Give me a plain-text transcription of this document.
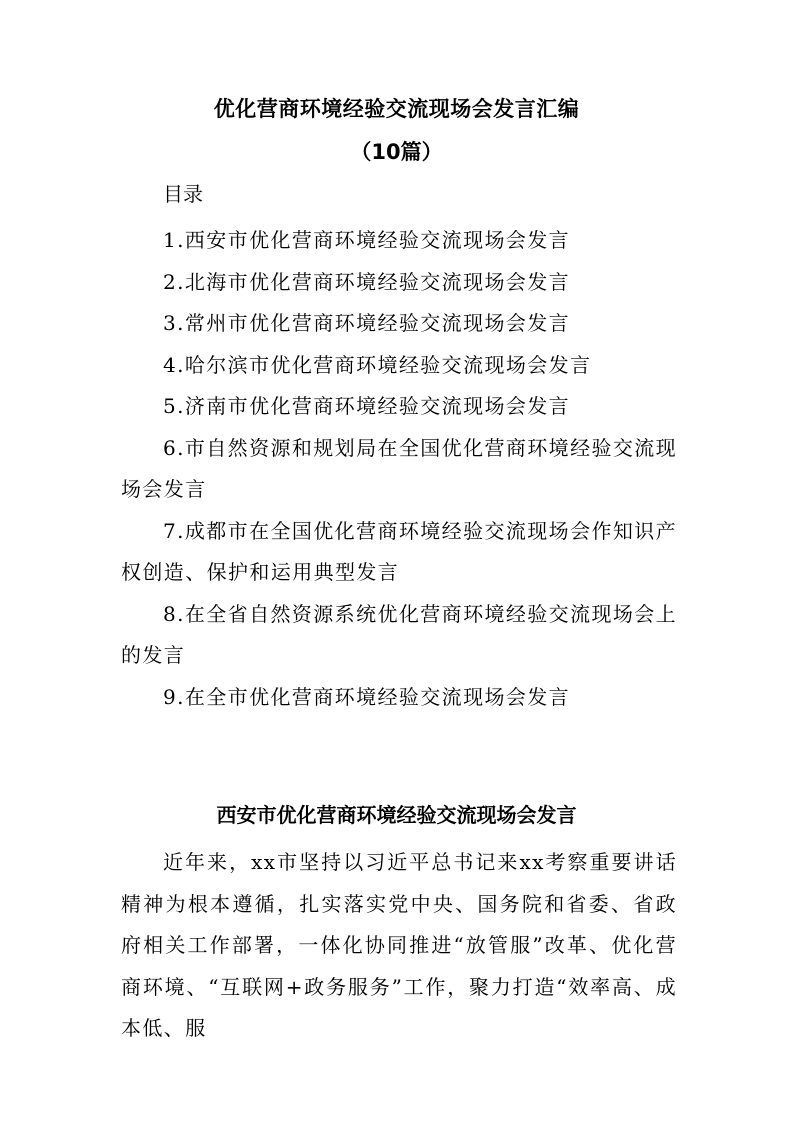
优化营商环境经验交流现场会发言汇编
（10篇）
目录
1.西安市优化营商环境经验交流现场会发言
2.北海市优化营商环境经验交流现场会发言
3.常州市优化营商环境经验交流现场会发言
4.哈尔滨市优化营商环境经验交流现场会发言
5.济南市优化营商环境经验交流现场会发言
6.市自然资源和规划局在全国优化营商环境经验交流现场会发言
7.成都市在全国优化营商环境经验交流现场会作知识产权创造、保护和运用典型发言
8.在全省自然资源系统优化营商环境经验交流现场会上的发言
9.在全市优化营商环境经验交流现场会发言
西安市优化营商环境经验交流现场会发言

近年来，xx市坚持以习近平总书记来xx考察重要讲话精神为根本遵循，扎实落实党中央、国务院和省委、省政府相关工作部署，一体化协同推进“放管服”改革、优化营商环境、“互联网+政务服务”工作，聚力打造“效率高、成本低、服
